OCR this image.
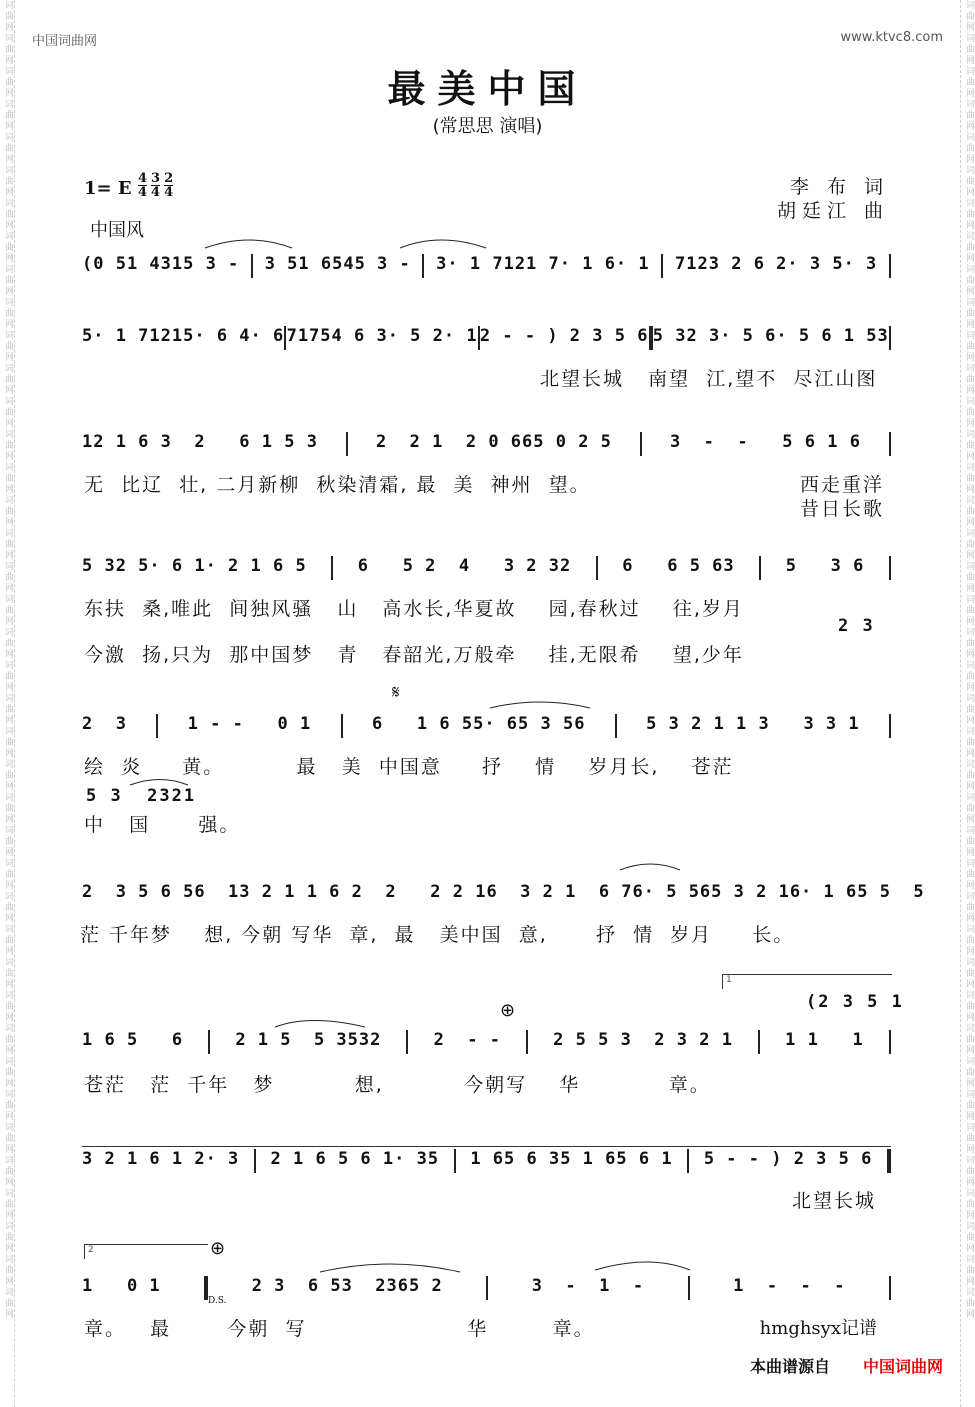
词曲网词曲网词曲网词曲网词曲网词曲网词曲网词曲网词曲网词曲网词曲网词曲网词曲网词曲网词曲网词曲网词曲网词曲网词曲网词曲网词曲网词曲网词曲网词曲网词曲网词曲网词曲网词曲网词曲网词曲网词曲网词曲网词曲网词曲网词曲网词曲网词曲网词曲网词曲网词曲网	词曲网词曲网词曲网词曲网词曲网词曲网词曲网词曲网词曲网词曲网词曲网词曲网词曲网词曲网词曲网词曲网词曲网词曲网词曲网词曲网词曲网词曲网词曲网词曲网词曲网词曲网词曲网词曲网词曲网词曲网词曲网词曲网词曲网词曲网词曲网词曲网词曲网词曲网词曲网词曲网
中国词曲网	www.ktvc8.com
最美中国
(常思思 演唱)
1= E $\frac{4}{4} \frac{3}{4} \frac{2}{4}$	李 布 词
胡廷江 曲
中国风
(0 51 4315 3 - 3 51 6545 3 - 3· 1 7121 7· 1 6· 1 7123 2 6 2· 3 5· 3
5· 1 71215· 6 4· 6 71754 6 3· 5 2· 1 2 - - ) 2 3 5 6 5 32 3· 5 6· 5 6 1 53
北望长城   南望  江,望不  尽江山图
12 1 6 3  2   6 1 5 3	2  2 1  2 0 665 0 2 5	3  -  -   5 6 1 6
无  比辽  壮, 二月新柳  秋染清霜, 最  美  神州  望。	西走重洋
昔日长歌
5 32 5· 6 1· 2 1 6 5	6   5 2  4   3 2 32	6   6 5 63	5   3 6
东扶  桑,唯此  间独风骚   山   高水长,华夏故    园,春秋过    往,岁月
今激  扬,只为  那中国梦   青   春韶光,万般牵    挂,无限希    望,少年
2 3
𝄋
2  3	1 - -   0 1	6   1 6 55· 65 3 56	5 3 2 1 1 3   3 3 1
绘  炎     黄。         最   美  中国意     抒    情    岁月长,    苍茫
中   国      强。
5 3  2321
2  3 5 6 56  1 3 2 1 1 6 2  2   2 2 1 6  3 2 1  6 76· 5 56 5 3 2 16· 1 65 5  5
茫 千年梦    想, 今朝 写华  章,  最   美中国  意,      抒  情  岁月     长。
1
(2 3 5 1
⊕
1 6 5   6	2 1 5  5 3532	2  - -	2 5 5 3  2 3 2 1	1 1   1
苍茫   茫  千年   梦          想,          今朝写    华           章。
3 2 1 6 1 2· 3 2 1 6 5 6 1· 35 1 65 6 35 1 65 6 1 5 - - ) 2 3 5 6
北望长城
2	⊕
D.S.
1   0 1	2 3  6 53  2365 2	3  -  1  -	1  -  -  -
章。   最       今朝  写                    华        章。	hmghsyx记谱
本曲谱源自 中国词曲网
